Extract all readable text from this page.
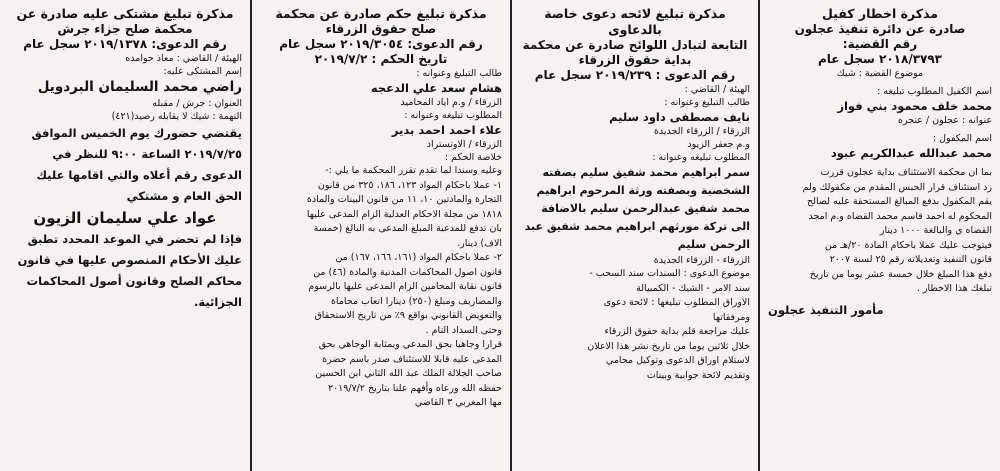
مذكرة اخطار كفيل
صادرة عن دائرة تنفيذ عجلون
رقم القضية:
٢٠١٨/٣٧٩٣ سجل عام
موضوع القضية : شيك
اسم الكفيل المطلوب تبليغه :
محمد خلف محمود بني فواز
عنوانه : عجلون / عنجره
اسم المكفول :
محمد عبدالله عبدالكريم عبود
بما ان محكمة الاستئناف بداية عجلون قررت
رد استئناف قرار الحبس المقدم من مكفولك ولم
يقم المكفول بدفع المبالغ المستحقة عليه لصالح
المحكوم له احمد قاسم محمد القضاه و.م امجد
القضاه ي والبالغة ١٠٠٠ دينار
فيتوجب عليك عملا باحكام المادة ٢٠/هـ من
قانون التنفيذ وتعديلاته رقم ٢٥ لسنة ٢٠٠٧
دفع هذا المبلغ خلال خمسة عشر يوما من تاريخ
تبلغك هذا الاخطار .
مأمور التنفيذ عجلون
مذكرة تبليغ لائحه دعوى خاصة بالدعاوى
التابعة لتبادل اللوائح صادرة عن محكمة
بداية حقوق الزرقاء
رقم الدعوى : ٢٠١٩/٢٣٩ سجل عام
الهيئة / القاضي :
طالب التبليغ وعنوانه :
نايف مصطفى داود سليم
الزرقاء / الزرقاء الجديدة
و.م جعفر الزيود
المطلوب تبليغه وعنوانه :
سمر ابراهيم محمد شفيق سليم بصفته
الشخصية وبصفته ورثة المرحوم ابراهيم
محمد شفيق عبدالرحمن سليم بالاضافة
الى تركة مورثهم ابراهيم محمد شفيق عبد
الرحمن سليم
الزرقاء - الزرقاء الجديدة
موضوع الدعوى : السندات سند السحب -
سند الامر - الشيك - الكمبيالة
الاوراق المطلوب تبليغها : لائحة دعوى
ومرفقاتها
عليك مراجعة قلم بداية حقوق الزرقاء
خلال ثلاثين يوما من تاريخ نشر هذا الاعلان
لاستلام اوراق الدعوى وتوكيل محامي
وتقديم لائحة جوابية وبينات
مذكرة تبليغ حكم صادرة عن محكمة
صلح حقوق الزرقاء
رقم الدعوى: ٢٠١٩/٣٠٥٤ سجل عام
تاريخ الحكم : ٢٠١٩/٧/٢
طالب التبليغ وعنوانه :
هشام سعد علي الدعجه
الزرقاء / و.م اياد المحاميد
المطلوب تبليغه وعنوانه :
علاء احمد احمد بدير
الزرقاء / الاوتستراد
خلاصة الحكم :
وعليه وسندا لما تقدم تقرر المحكمة ما يلي :-
١- عملا باحكام المواد ١٢٣، ١٨٦، ٣٢٥ من قانون
التجارة والمادتين ١٠، ١١ من قانون البينات والمادة
١٨١٨ من مجلة الاحكام العدلية الزام المدعى عليها
بان تدفع للمدعية المبلغ المدعى به البالغ (خمسة
الاف) دينار.
٢- عملا باحكام المواد (١٦١، ١٦٦، ١٦٧) من
قانون اصول المحاكمات المدنية والمادة (٤٦) من
قانون نقابة المحامين الزام المدعى عليها بالرسوم
والمصاريف ومبلغ (٢٥٠) دينارا اتعاب محاماة
والتعويض القانوني بواقع ٩٪ من تاريخ الاستحقاق
وحتى السداد التام .
قرارا وجاهيا بحق المدعي وبمثابة الوجاهي بحق
المدعى عليه قابلا للاستئناف صدر باسم حضرة
صاحب الجلالة الملك عبد الله الثاني ابن الحسين
حفظه الله ورعاه وأفهم علنا بتاريخ ٢٠١٩/٧/٢
مها المغربي ٣ القاضي
مذكرة تبليغ مشتكى عليه صادرة عن
محكمة صلح جزاء جرش
رقم الدعوى: ٢٠١٩/١٣٧٨ سجل عام
الهيئة / القاضي : معاذ حوامده
إسم المشتكى عليه:
راضي محمد السليمان البردويل
العنوان : جرش / مقبله
التهمة : شيك لا يقابله رصيد(٤٢١)
يقتضي حضورك يوم الخميس الموافق
٢٠١٩/٧/٢٥ الساعة ٩:٠٠ للنظر في
الدعوى رقم أعلاه والتي اقامها عليك
الحق العام و مشتكي
عواد علي سليمان الزيون
فإذا لم تحضر في الموعد المحدد تطبق
عليك الأحكام المنصوص عليها في قانون
محاكم الصلح وقانون أصول المحاكمات
الجزائية.
